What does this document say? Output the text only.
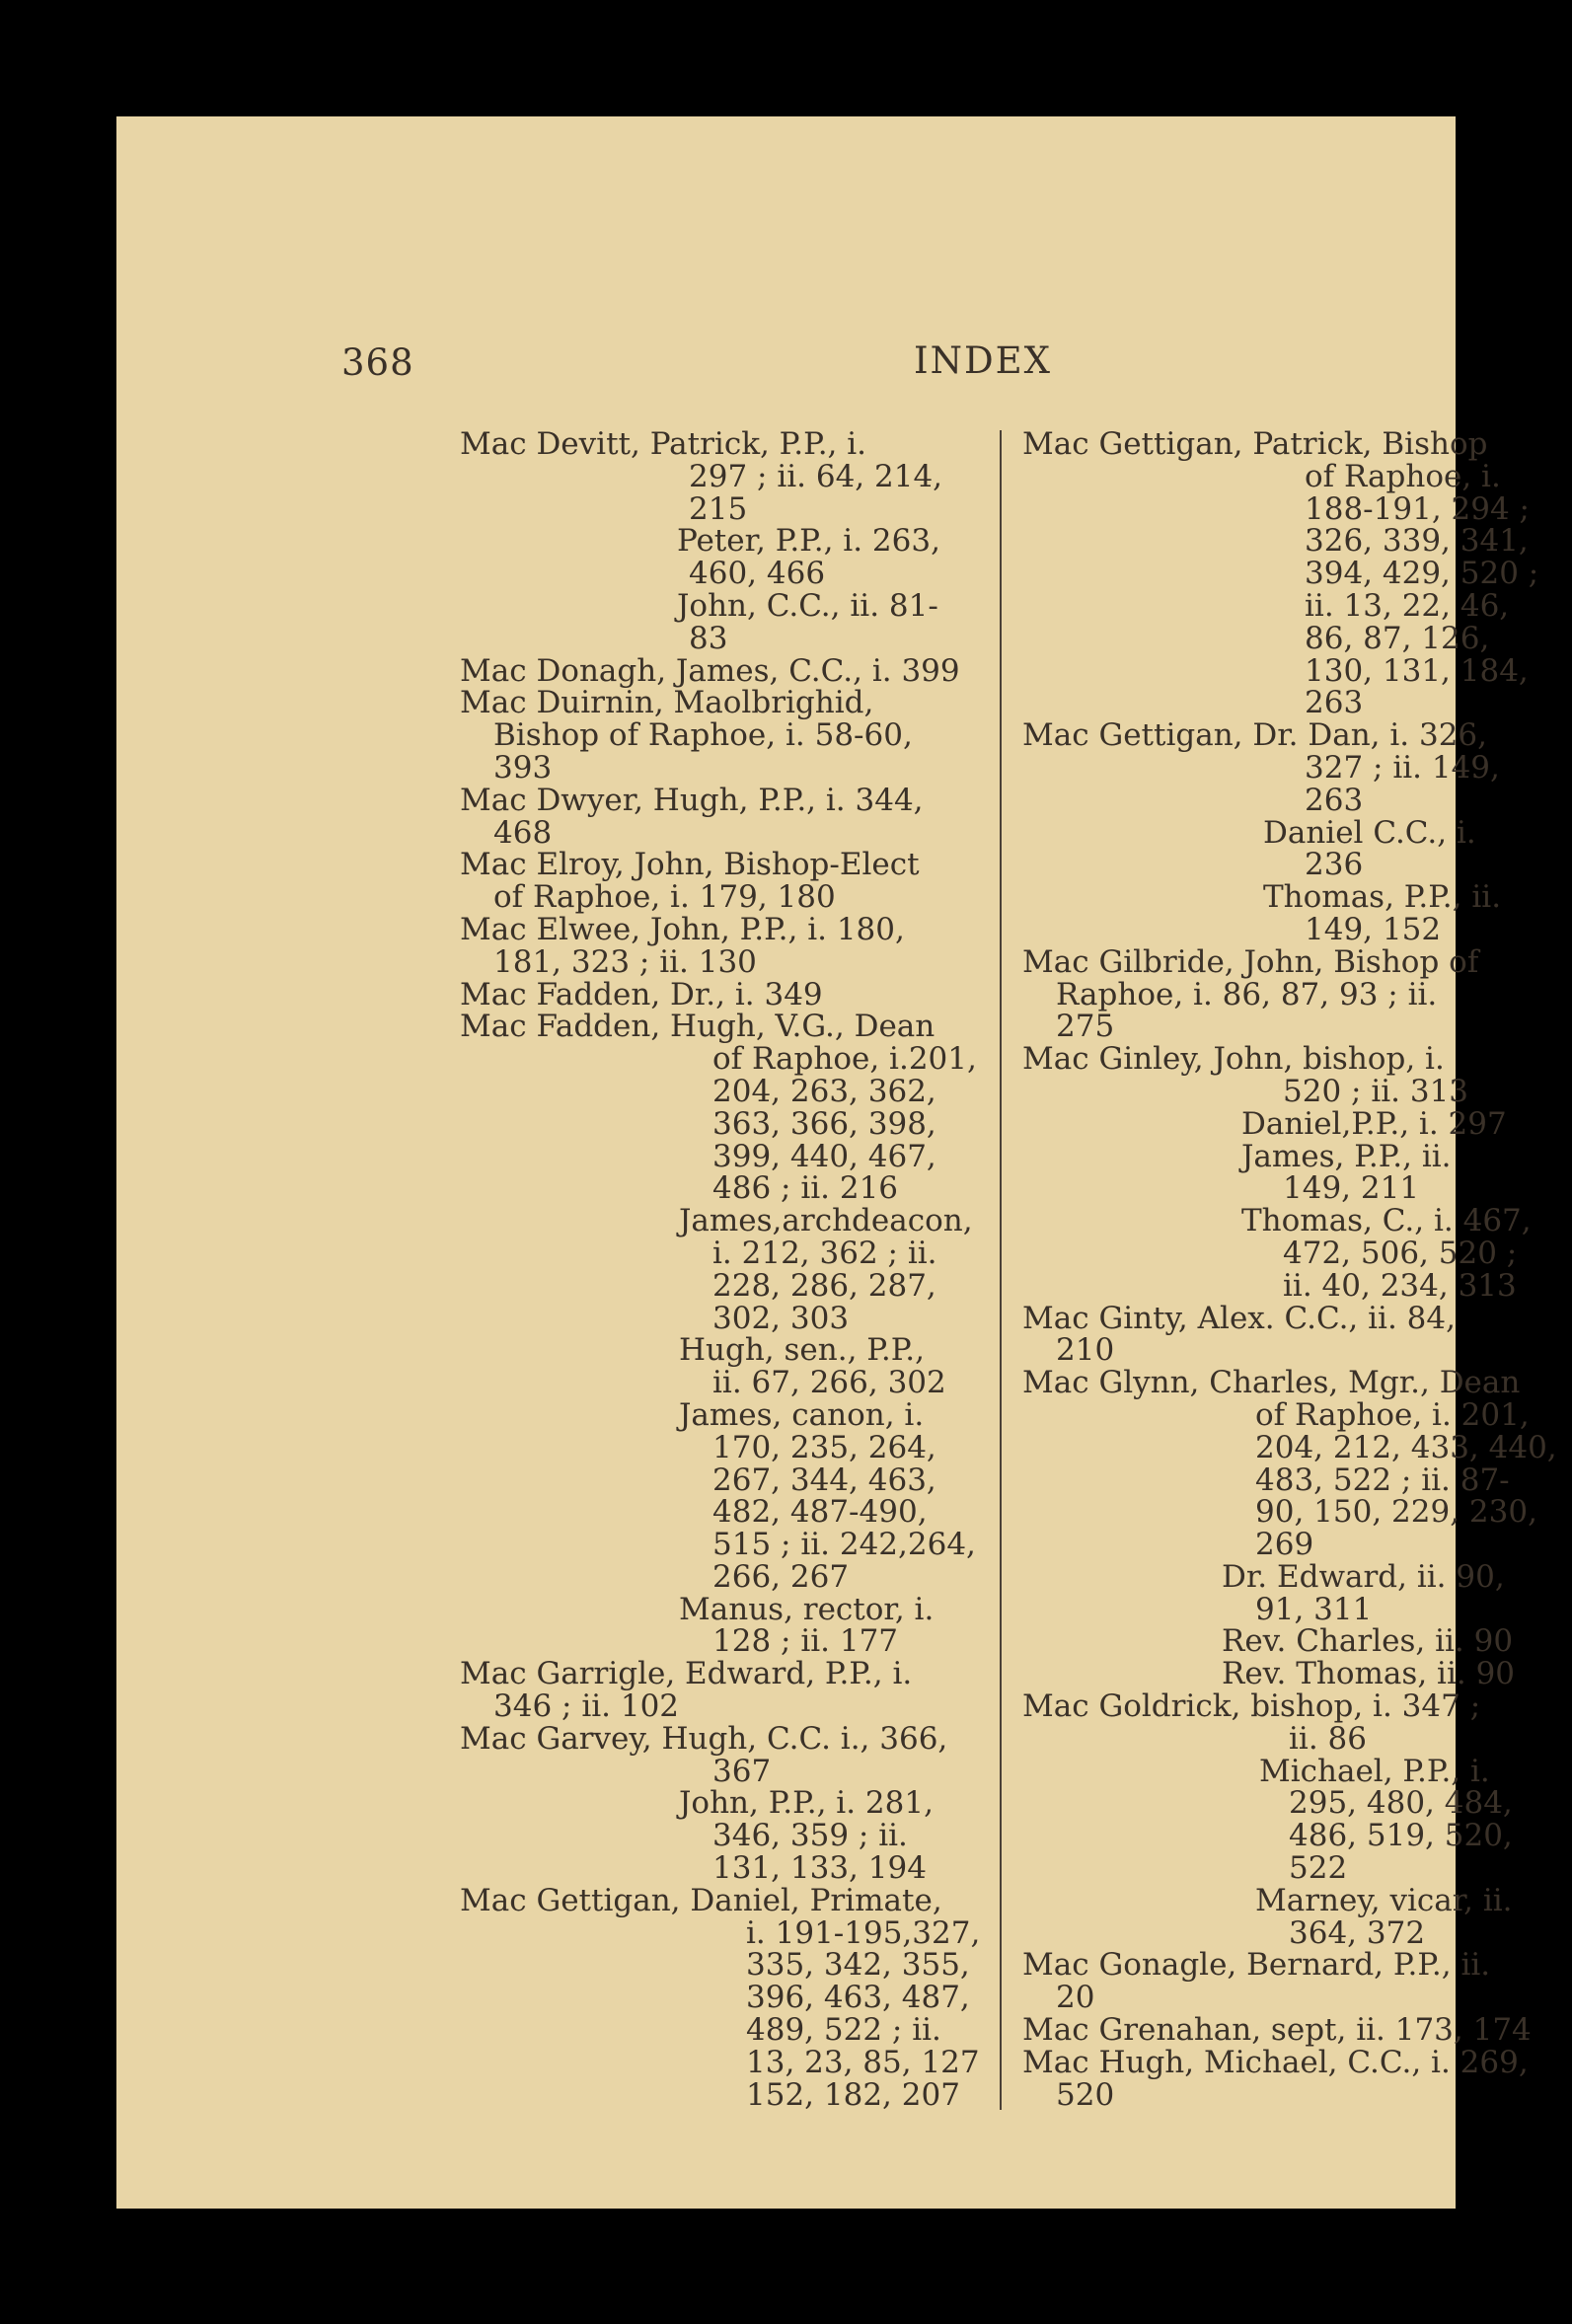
368	INDEX
Mac Devitt, Patrick, P.P., i.
297 ; ii. 64, 214,
215
Peter, P.P., i. 263,
460, 466
John, C.C., ii. 81-
83
Mac Donagh, James, C.C., i. 399
Mac Duirnin, Maolbrighid,
Bishop of Raphoe, i. 58-60,
393
Mac Dwyer, Hugh, P.P., i. 344,
468
Mac Elroy, John, Bishop-Elect
of Raphoe, i. 179, 180
Mac Elwee, John, P.P., i. 180,
181, 323 ; ii. 130
Mac Fadden, Dr., i. 349
Mac Fadden, Hugh, V.G., Dean
of Raphoe, i.201,
204, 263, 362,
363, 366, 398,
399, 440, 467,
486 ; ii. 216
James,archdeacon,
i. 212, 362 ; ii.
228, 286, 287,
302, 303
Hugh, sen., P.P.,
ii. 67, 266, 302
James, canon, i.
170, 235, 264,
267, 344, 463,
482, 487-490,
515 ; ii. 242,264,
266, 267
Manus, rector, i.
128 ; ii. 177
Mac Garrigle, Edward, P.P., i.
346 ; ii. 102
Mac Garvey, Hugh, C.C. i., 366,
367
John, P.P., i. 281,
346, 359 ; ii.
131, 133, 194
Mac Gettigan, Daniel, Primate,
i. 191-195,327,
335, 342, 355,
396, 463, 487,
489, 522 ; ii.
13, 23, 85, 127
152, 182, 207
Mac Gettigan, Patrick, Bishop
of Raphoe, i.
188-191, 294 ;
326, 339, 341,
394, 429, 520 ;
ii. 13, 22, 46,
86, 87, 126,
130, 131, 184,
263
Mac Gettigan, Dr. Dan, i. 326,
327 ; ii. 149,
263
Daniel C.C., i.
236
Thomas, P.P., ii.
149, 152
Mac Gilbride, John, Bishop of
Raphoe, i. 86, 87, 93 ; ii.
275
Mac Ginley, John, bishop, i.
520 ; ii. 313
Daniel,P.P., i. 297
James, P.P., ii.
149, 211
Thomas, C., i. 467,
472, 506, 520 ;
ii. 40, 234, 313
Mac Ginty, Alex. C.C., ii. 84,
210
Mac Glynn, Charles, Mgr., Dean
of Raphoe, i. 201,
204, 212, 433, 440,
483, 522 ; ii. 87-
90, 150, 229, 230,
269
Dr. Edward, ii. 90,
91, 311
Rev. Charles, ii. 90
Rev. Thomas, ii. 90
Mac Goldrick, bishop, i. 347 ;
ii. 86
Michael, P.P., i.
295, 480, 484,
486, 519, 520,
522
Marney, vicar, ii.
364, 372
Mac Gonagle, Bernard, P.P., ii.
20
Mac Grenahan, sept, ii. 173, 174
Mac Hugh, Michael, C.C., i. 269,
520
